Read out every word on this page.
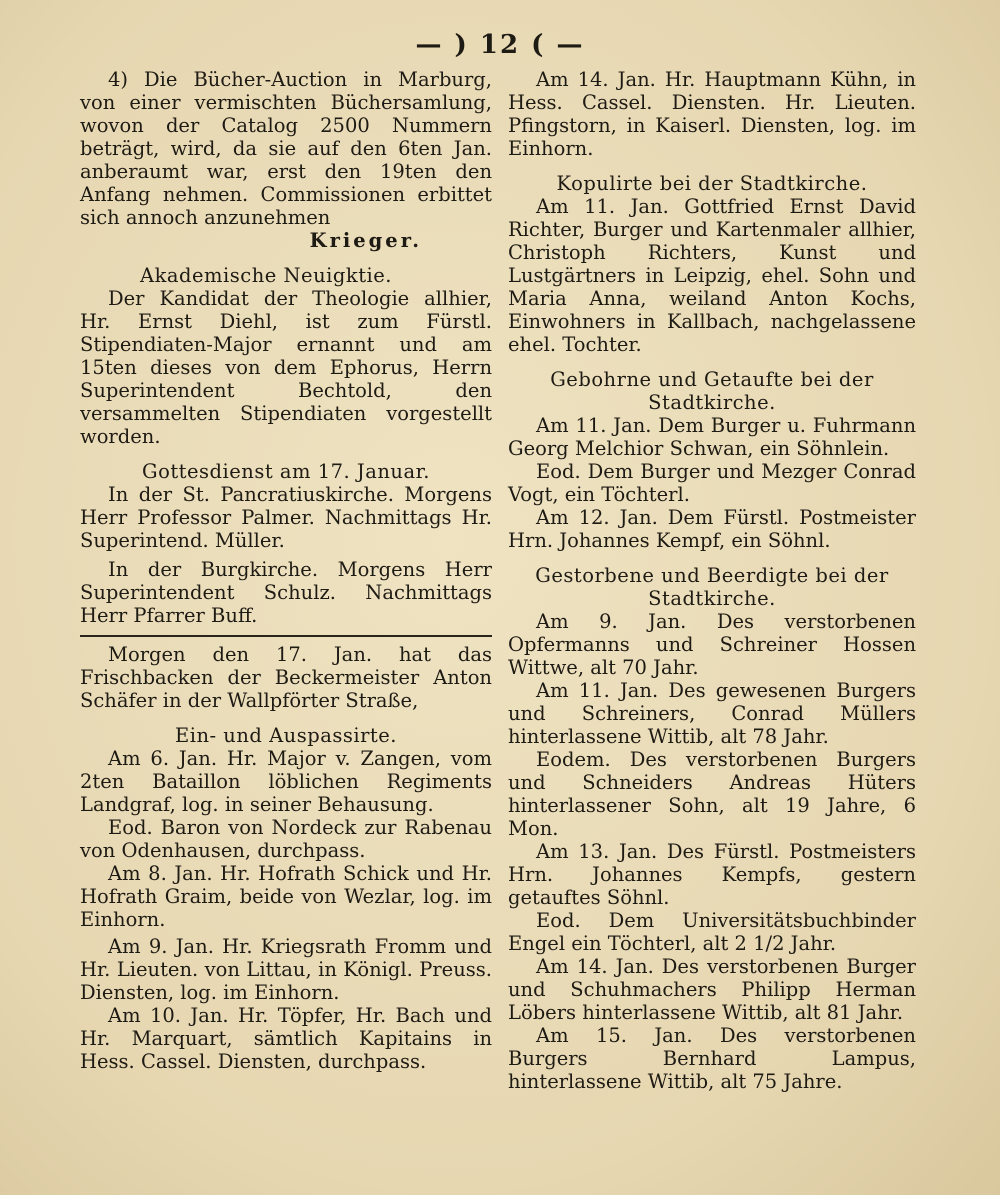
— ) 12 ( —

4) Die Bücher-Auction in Marburg, von einer vermischten Büchersamlung, wovon der Catalog 2500 Nummern beträgt, wird, da sie auf den 6ten Jan. anberaumt war, erst den 19ten den Anfang nehmen. Commissionen erbittet sich annoch anzunehmen

Krieger.

Akademische Neuigktie.

Der Kandidat der Theologie allhier, Hr. Ernst Diehl, ist zum Fürstl. Stipendiaten-Major ernannt und am 15ten dieses von dem Ephorus, Herrn Superintendent Bechtold, den versammelten Stipendiaten vorgestellt worden.

Gottesdienst am 17. Januar.

In der St. Pancratiuskirche. Morgens Herr Professor Palmer. Nachmittags Hr. Superintend. Müller.

In der Burgkirche. Morgens Herr Superintendent Schulz. Nachmittags Herr Pfarrer Buff.

Morgen den 17. Jan. hat das Frischbacken der Beckermeister Anton Schäfer in der Wallpförter Straße,

Ein- und Auspassirte.

Am 6. Jan. Hr. Major v. Zangen, vom 2ten Bataillon löblichen Regiments Landgraf, log. in seiner Behausung.

Eod. Baron von Nordeck zur Rabenau von Odenhausen, durchpass.

Am 8. Jan. Hr. Hofrath Schick und Hr. Hofrath Graim, beide von Wezlar, log. im Einhorn.

Am 9. Jan. Hr. Kriegsrath Fromm und Hr. Lieuten. von Littau, in Königl. Preuss. Diensten, log. im Einhorn.

Am 10. Jan. Hr. Töpfer, Hr. Bach und Hr. Marquart, sämtlich Kapitains in Hess. Cassel. Diensten, durchpass.

Am 14. Jan. Hr. Hauptmann Kühn, in Hess. Cassel. Diensten. Hr. Lieuten. Pfingstorn, in Kaiserl. Diensten, log. im Einhorn.

Kopulirte bei der Stadtkirche.

Am 11. Jan. Gottfried Ernst David Richter, Burger und Kartenmaler allhier, Christoph Richters, Kunst und Lustgärtners in Leipzig, ehel. Sohn und Maria Anna, weiland Anton Kochs, Einwohners in Kallbach, nachgelassene ehel. Tochter.

Gebohrne und Getaufte bei der Stadtkirche.

Am 11. Jan. Dem Burger u. Fuhrmann Georg Melchior Schwan, ein Söhnlein.

Eod. Dem Burger und Mezger Conrad Vogt, ein Töchterl.

Am 12. Jan. Dem Fürstl. Postmeister Hrn. Johannes Kempf, ein Söhnl.

Gestorbene und Beerdigte bei der Stadtkirche.

Am 9. Jan. Des verstorbenen Opfermanns und Schreiner Hossen Wittwe, alt 70 Jahr.

Am 11. Jan. Des gewesenen Burgers und Schreiners, Conrad Müllers hinterlassene Wittib, alt 78 Jahr.

Eodem. Des verstorbenen Burgers und Schneiders Andreas Hüters hinterlassener Sohn, alt 19 Jahre, 6 Mon.

Am 13. Jan. Des Fürstl. Postmeisters Hrn. Johannes Kempfs, gestern getauftes Söhnl.

Eod. Dem Universitätsbuchbinder Engel ein Töchterl, alt 2 1/2 Jahr.

Am 14. Jan. Des verstorbenen Burger und Schuhmachers Philipp Herman Löbers hinterlassene Wittib, alt 81 Jahr.

Am 15. Jan. Des verstorbenen Burgers Bernhard Lampus, hinterlassene Wittib, alt 75 Jahre.
